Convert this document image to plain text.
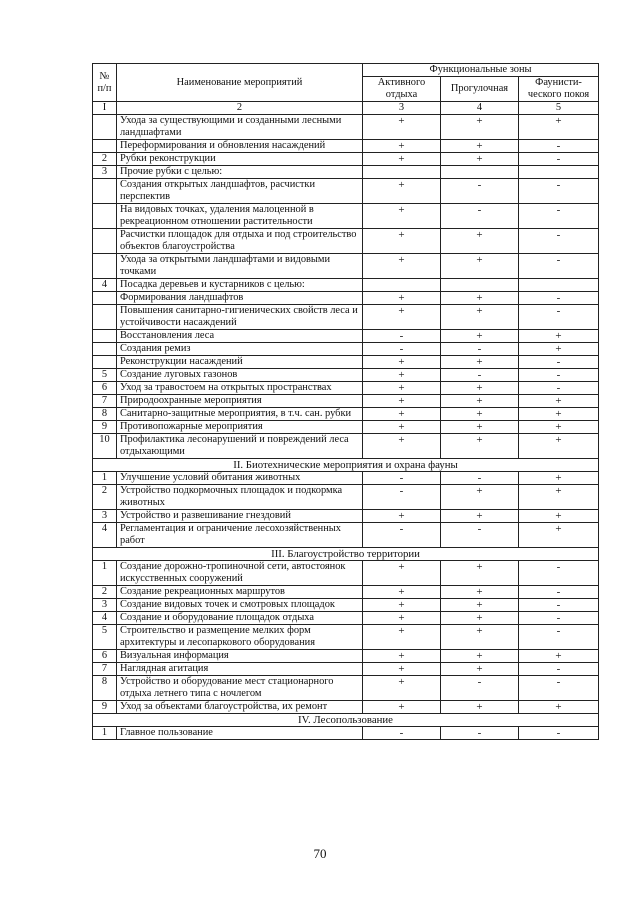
№ п/п	Наименование мероприятий	Функциональные зоны		
		Активного отдыха	Прогулочная	Фаунисти-ческого покоя
I	2	3	4	5
	Ухода за существующими и созданными лесными ландшафтами	+	+	+
	Переформирования и обновления насаждений	+	+	-
2	Рубки реконструкции	+	+	-
3	Прочие рубки с целью:			
	Создания открытых ландшафтов, расчистки перспектив	+	-	-
	На видовых точках, удаления малоценной в рекреационном отношении растительности	+	-	-
	Расчистки площадок для отдыха и под строительство объектов благоустройства	+	+	-
	Ухода за открытыми ландшафтами и видовыми точками	+	+	-
4	Посадка деревьев и кустарников с целью:			
	Формирования ландшафтов	+	+	-
	Повышения санитарно-гигиенических свойств леса и устойчивости насаждений	+	+	-
	Восстановления леса	-	+	+
	Создания ремиз	-	-	+
	Реконструкции насаждений	+	+	-
5	Создание луговых газонов	+	-	-
6	Уход за травостоем на открытых пространствах	+	+	-
7	Природоохранные мероприятия	+	+	+
8	Санитарно-защитные мероприятия, в т.ч. сан. рубки	+	+	+
9	Противопожарные мероприятия	+	+	+
10	Профилактика лесонарушений и повреждений леса отдыхающими	+	+	+
II. Биотехнические мероприятия и охрана фауны				
1	Улучшение условий обитания животных	-	-	+
2	Устройство подкормочных площадок и подкормка животных	-	+	+
3	Устройство и развешивание гнездовий	+	+	+
4	Регламентация и ограничение лесохозяйственных работ	-	-	+
III. Благоустройство территории				
1	Создание дорожно-тропиночной сети, автостоянок искусственных сооружений	+	+	-
2	Создание рекреационных маршрутов	+	+	-
3	Создание видовых точек и смотровых площадок	+	+	-
4	Создание и оборудование площадок отдыха	+	+	-
5	Строительство и размещение мелких форм архитектуры и лесопаркового оборудования	+	+	-
6	Визуальная информация	+	+	+
7	Наглядная агитация	+	+	-
8	Устройство и оборудование мест стационарного отдыха летнего типа с ночлегом	+	-	-
9	Уход за объектами благоустройства, их ремонт	+	+	+
IV. Лесопользование				
1	Главное пользование	-	-	-
70
